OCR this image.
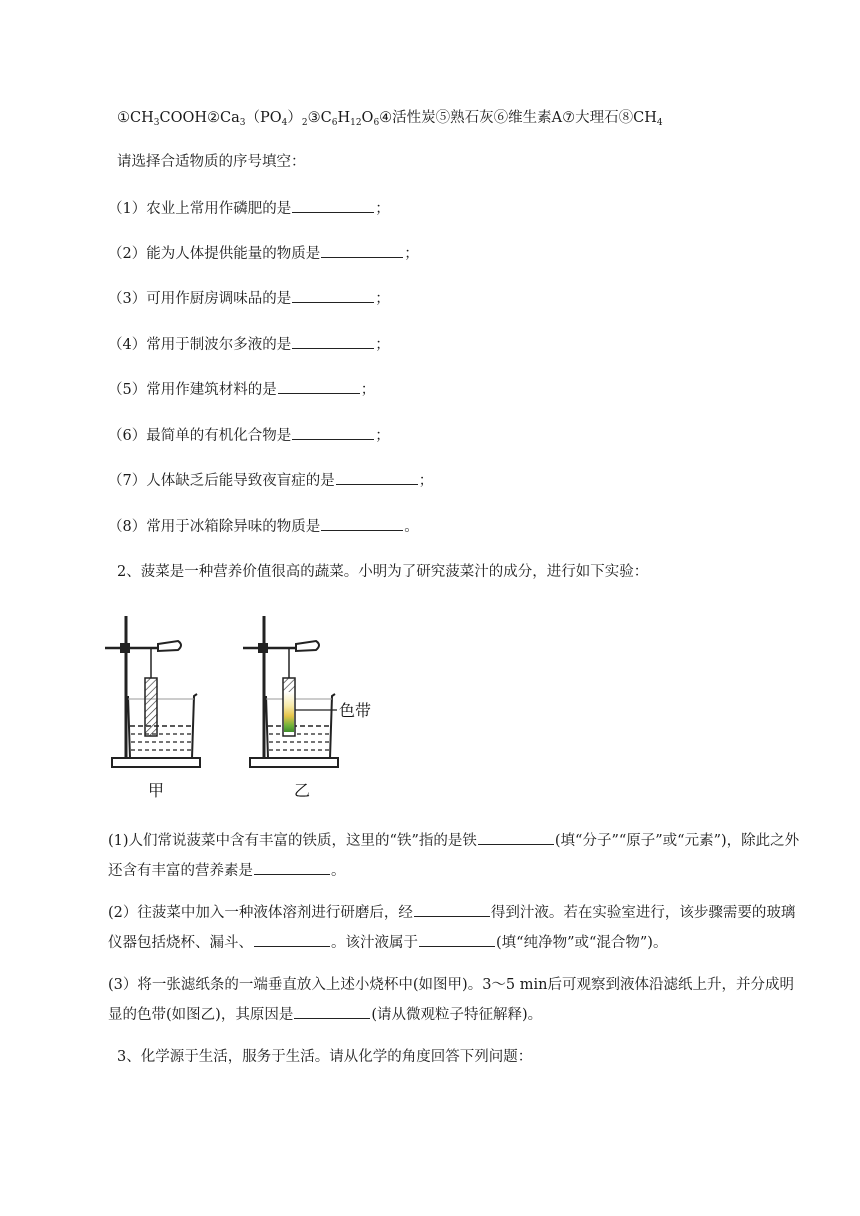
$①CH_3COOH②Ca_3(PO_4)_2③C_6H_{12}O_6④$活性炭⑤熟石灰⑥维生素A⑦大理石$⑧CH_4$
请选择合适物质的序号填空：
（1）农业上常用作磷肥的是	；
（2）能为人体提供能量的物质是	；
（3）可用作厨房调味品的是	；
（4）常用于制波尔多液的是	；
（5）常用作建筑材料的是	；
（6）最简单的有机化合物是	；
（7）人体缺乏后能导致夜盲症的是	；
（8）常用于冰箱除异味的物质是	。
2、菠菜是一种营养价值很高的蔬菜。小明为了研究菠菜汁的成分，进行如下实验：
色带
甲	乙
(1)人们常说菠菜中含有丰富的铁质，这里的“铁”指的是铁	(填“分子”“原子”或“元素”)，除此之外还含有丰富的营养素是	。
(2）往菠菜中加入一种液体溶剂进行研磨后，经	得到汁液。若在实验室进行，该步骤需要的玻璃仪器包括烧杯、漏斗、	。该汁液属于	(填“纯净物”或“混合物”)。
(3）将一张滤纸条的一端垂直放入上述小烧杯中(如图甲)。3～5 min后可观察到液体沿滤纸上升，并分成明显的色带(如图乙)，其原因是	(请从微观粒子特征解释)。
3、化学源于生活，服务于生活。请从化学的角度回答下列问题：
